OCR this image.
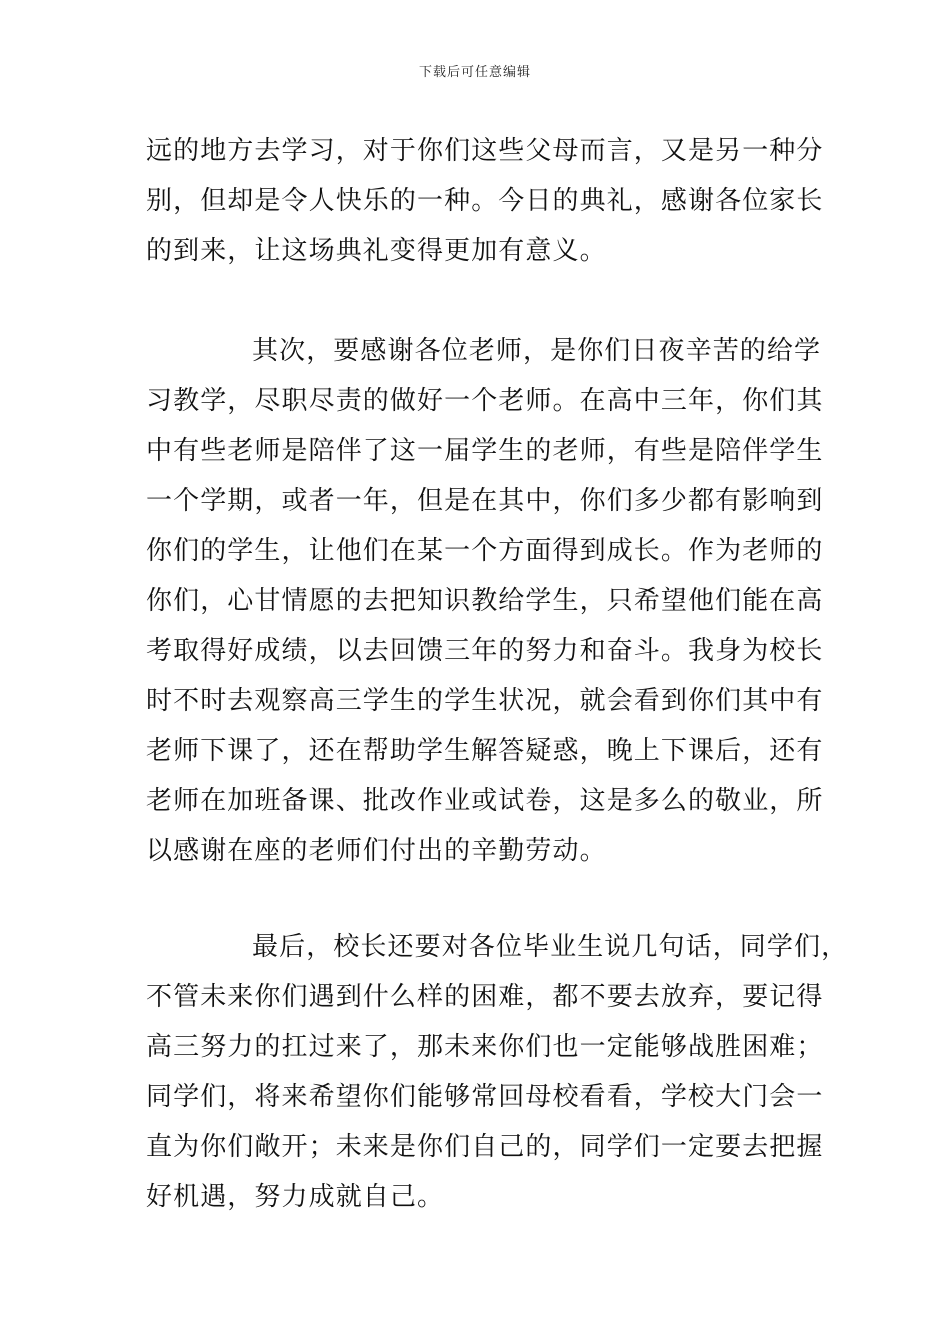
下载后可任意编辑
远的地方去学习，对于你们这些父母而言，又是另一种分
别，但却是令人快乐的一种。今日的典礼，感谢各位家长
的到来，让这场典礼变得更加有意义。
其次，要感谢各位老师，是你们日夜辛苦的给学
习教学，尽职尽责的做好一个老师。在高中三年，你们其
中有些老师是陪伴了这一届学生的老师，有些是陪伴学生
一个学期，或者一年，但是在其中，你们多少都有影响到
你们的学生，让他们在某一个方面得到成长。作为老师的
你们，心甘情愿的去把知识教给学生，只希望他们能在高
考取得好成绩，以去回馈三年的努力和奋斗。我身为校长
时不时去观察高三学生的学生状况，就会看到你们其中有
老师下课了，还在帮助学生解答疑惑，晚上下课后，还有
老师在加班备课、批改作业或试卷，这是多么的敬业，所
以感谢在座的老师们付出的辛勤劳动。
最后，校长还要对各位毕业生说几句话，同学们，
不管未来你们遇到什么样的困难，都不要去放弃，要记得
高三努力的扛过来了，那未来你们也一定能够战胜困难；
同学们，将来希望你们能够常回母校看看，学校大门会一
直为你们敞开；未来是你们自己的，同学们一定要去把握
好机遇，努力成就自己。
